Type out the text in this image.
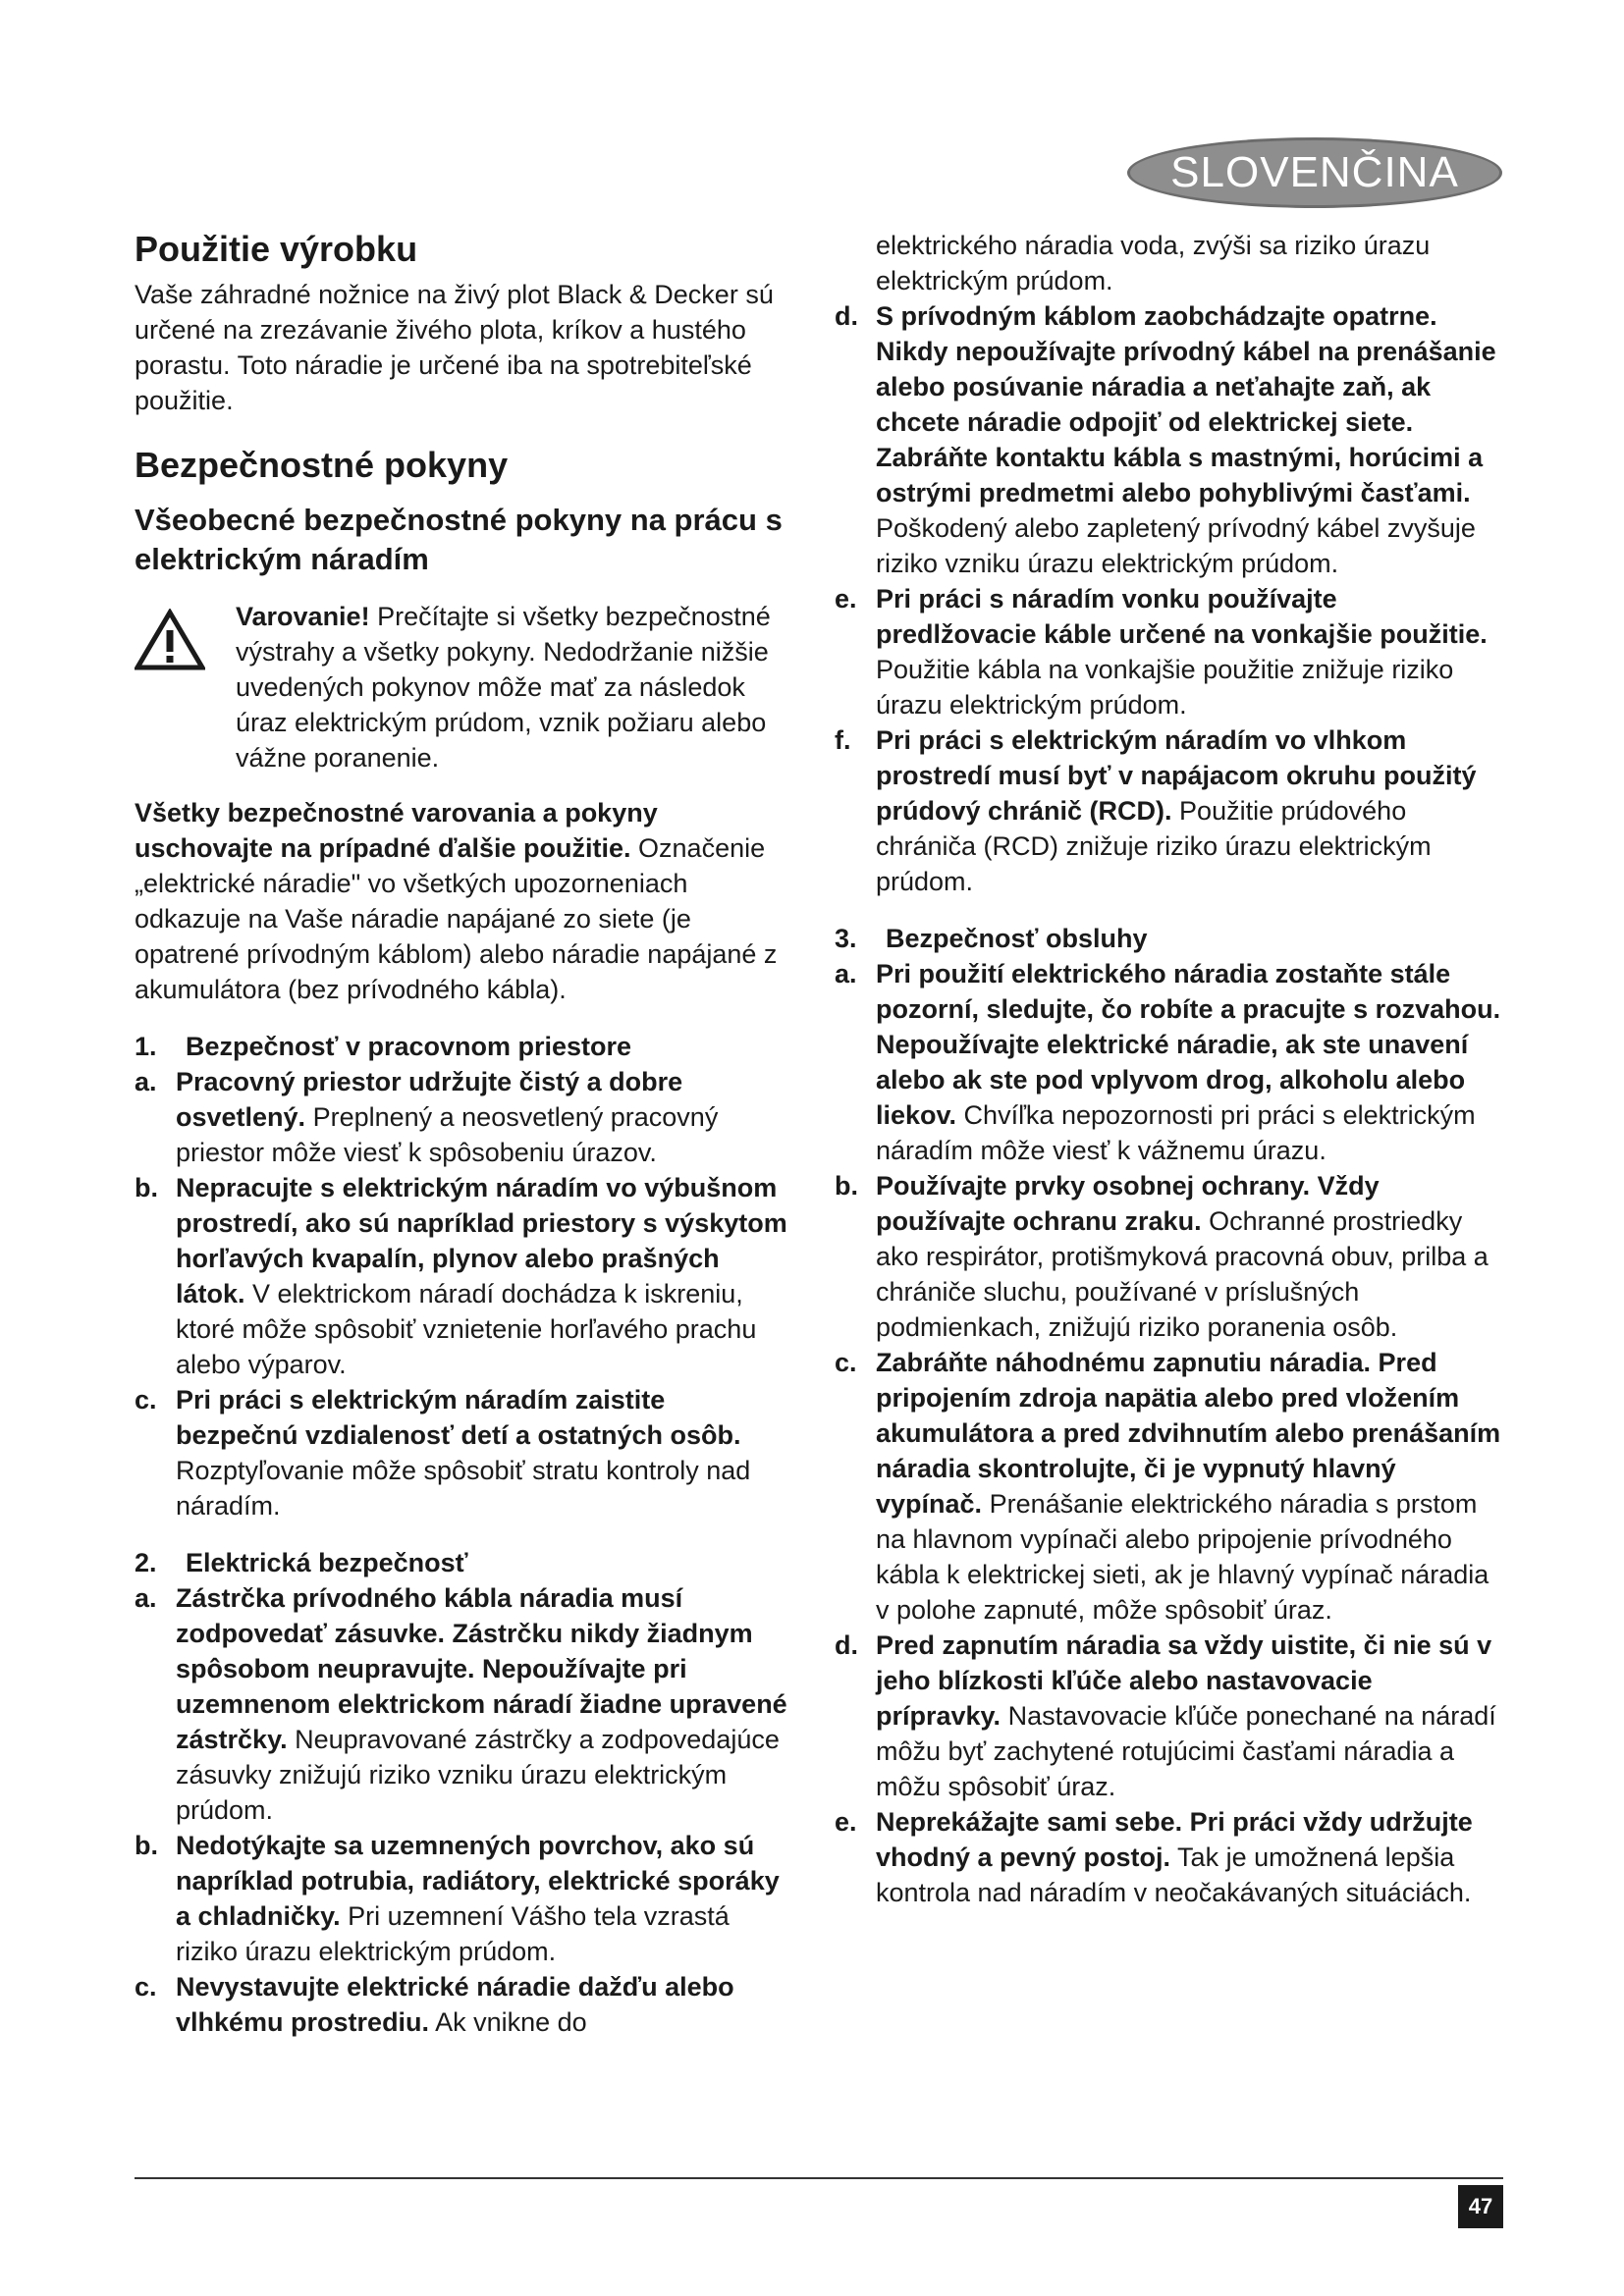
SLOVENČINA
Použitie výrobku

Vaše záhradné nožnice na živý plot Black & Decker sú určené na zrezávanie živého plota, kríkov a hustého porastu. Toto náradie je určené iba na spotrebiteľské použitie.

Bezpečnostné pokyny
Všeobecné bezpečnostné pokyny na prácu s elektrickým náradím

Varovanie! Prečítajte si všetky bezpečnostné výstrahy a všetky pokyny. Nedodržanie nižšie uvedených pokynov môže mať za následok úraz elektrickým prúdom, vznik požiaru alebo vážne poranenie.

Všetky bezpečnostné varovania a pokyny uschovajte na prípadné ďalšie použitie. Označenie „elektrické náradie" vo všetkých upozorneniach odkazuje na Vaše náradie napájané zo siete (je opatrené prívodným káblom) alebo náradie napájané z akumulátora (bez prívodného kábla).

1.	Bezpečnosť v pracovnom priestore
a. Pracovný priestor udržujte čistý a dobre osvetlený. Preplnený a neosvetlený pracovný priestor môže viesť k spôsobeniu úrazov.

b. Nepracujte s elektrickým náradím vo výbušnom prostredí, ako sú napríklad priestory s výskytom horľavých kvapalín, plynov alebo prašných látok. V elektrickom náradí dochádza k iskreniu, ktoré môže spôsobiť vznietenie horľavého prachu alebo výparov.

c. Pri práci s elektrickým náradím zaistite bezpečnú vzdialenosť detí a ostatných osôb. Rozptyľovanie môže spôsobiť stratu kontroly nad náradím.

2.	Elektrická bezpečnosť
a. Zástrčka prívodného kábla náradia musí zodpovedať zásuvke. Zástrčku nikdy žiadnym spôsobom neupravujte. Nepoužívajte pri uzemnenom elektrickom náradí žiadne upravené zástrčky. Neupravované zástrčky a zodpovedajúce zásuvky znižujú riziko vzniku úrazu elektrickým prúdom.

b. Nedotýkajte sa uzemnených povrchov, ako sú napríklad potrubia, radiátory, elektrické sporáky a chladničky. Pri uzemnení Vášho tela vzrastá riziko úrazu elektrickým prúdom.

c. Nevystavujte elektrické náradie dažďu alebo vlhkému prostrediu. Ak vnikne do

elektrického náradia voda, zvýši sa riziko úrazu elektrickým prúdom.

d. S prívodným káblom zaobchádzajte opatrne. Nikdy nepoužívajte prívodný kábel na prenášanie alebo posúvanie náradia a neťahajte zaň, ak chcete náradie odpojiť od elektrickej siete. Zabráňte kontaktu kábla s mastnými, horúcimi a ostrými predmetmi alebo pohyblivými časťami. Poškodený alebo zapletený prívodný kábel zvyšuje riziko vzniku úrazu elektrickým prúdom.

e. Pri práci s náradím vonku používajte predlžovacie káble určené na vonkajšie použitie. Použitie kábla na vonkajšie použitie znižuje riziko úrazu elektrickým prúdom.

f. Pri práci s elektrickým náradím vo vlhkom prostredí musí byť v napájacom okruhu použitý prúdový chránič (RCD). Použitie prúdového chrániča (RCD) znižuje riziko úrazu elektrickým prúdom.

3.	Bezpečnosť obsluhy
a. Pri použití elektrického náradia zostaňte stále pozorní, sledujte, čo robíte a pracujte s rozvahou. Nepoužívajte elektrické náradie, ak ste unavení alebo ak ste pod vplyvom drog, alkoholu alebo liekov. Chvíľka nepozornosti pri práci s elektrickým náradím môže viesť k vážnemu úrazu.

b. Používajte prvky osobnej ochrany. Vždy používajte ochranu zraku. Ochranné prostriedky ako respirátor, protišmyková pracovná obuv, prilba a chrániče sluchu, používané v príslušných podmienkach, znižujú riziko poranenia osôb.

c. Zabráňte náhodnému zapnutiu náradia. Pred pripojením zdroja napätia alebo pred vložením akumulátora a pred zdvihnutím alebo prenášaním náradia skontrolujte, či je vypnutý hlavný vypínač. Prenášanie elektrického náradia s prstom na hlavnom vypínači alebo pripojenie prívodného kábla k elektrickej sieti, ak je hlavný vypínač náradia v polohe zapnuté, môže spôsobiť úraz.

d. Pred zapnutím náradia sa vždy uistite, či nie sú v jeho blízkosti kľúče alebo nastavovacie prípravky. Nastavovacie kľúče ponechané na náradí môžu byť zachytené rotujúcimi časťami náradia a môžu spôsobiť úraz.

e. Neprekážajte sami sebe. Pri práci vždy udržujte vhodný a pevný postoj. Tak je umožnená lepšia kontrola nad náradím v neočakávaných situáciách.

47
